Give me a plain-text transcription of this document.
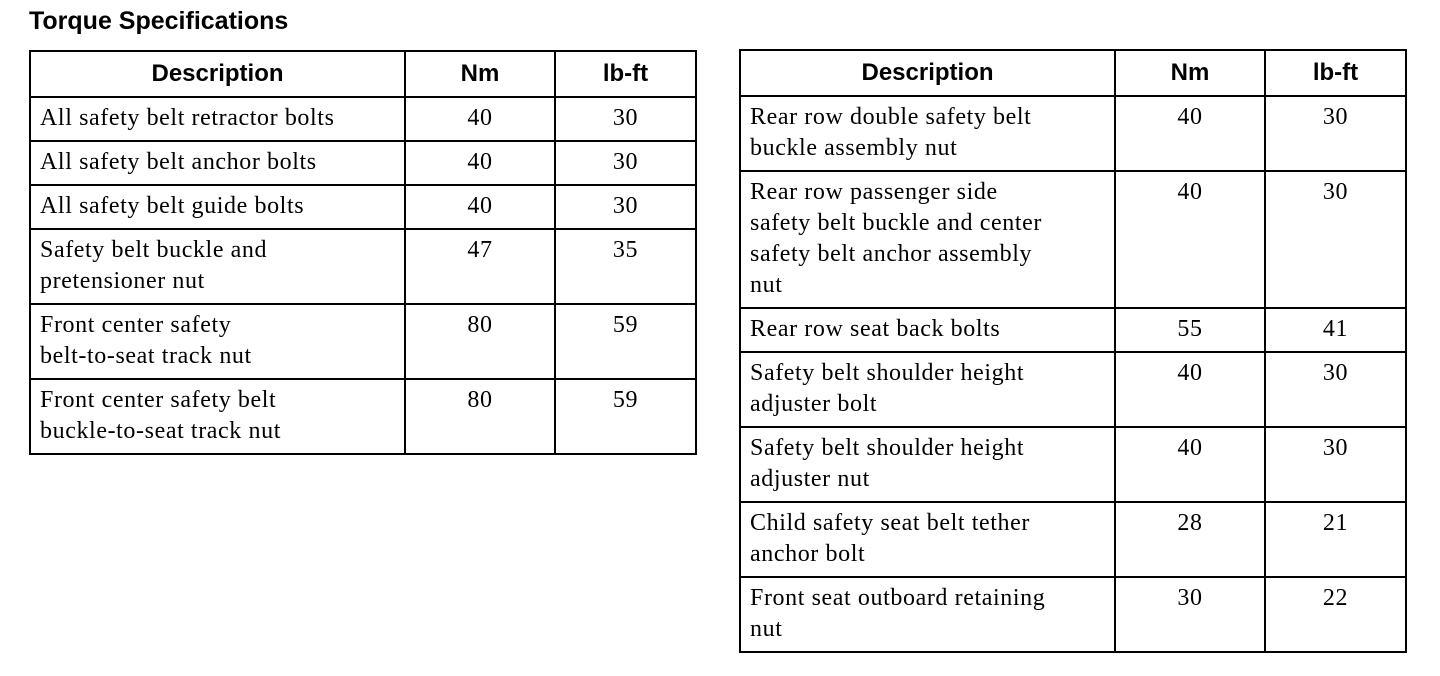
Torque Specifications
Description	Nm	lb-ft
All safety belt retractor bolts	40	30
All safety belt anchor bolts	40	30
All safety belt guide bolts	40	30
Safety belt buckle and
pretensioner nut	47	35
Front center safety
belt-to-seat track nut	80	59
Front center safety belt
buckle-to-seat track nut	80	59
Description	Nm	lb-ft
Rear row double safety belt
buckle assembly nut	40	30
Rear row passenger side
safety belt buckle and center
safety belt anchor assembly
nut	40	30
Rear row seat back bolts	55	41
Safety belt shoulder height
adjuster bolt	40	30
Safety belt shoulder height
adjuster nut	40	30
Child safety seat belt tether
anchor bolt	28	21
Front seat outboard retaining
nut	30	22
